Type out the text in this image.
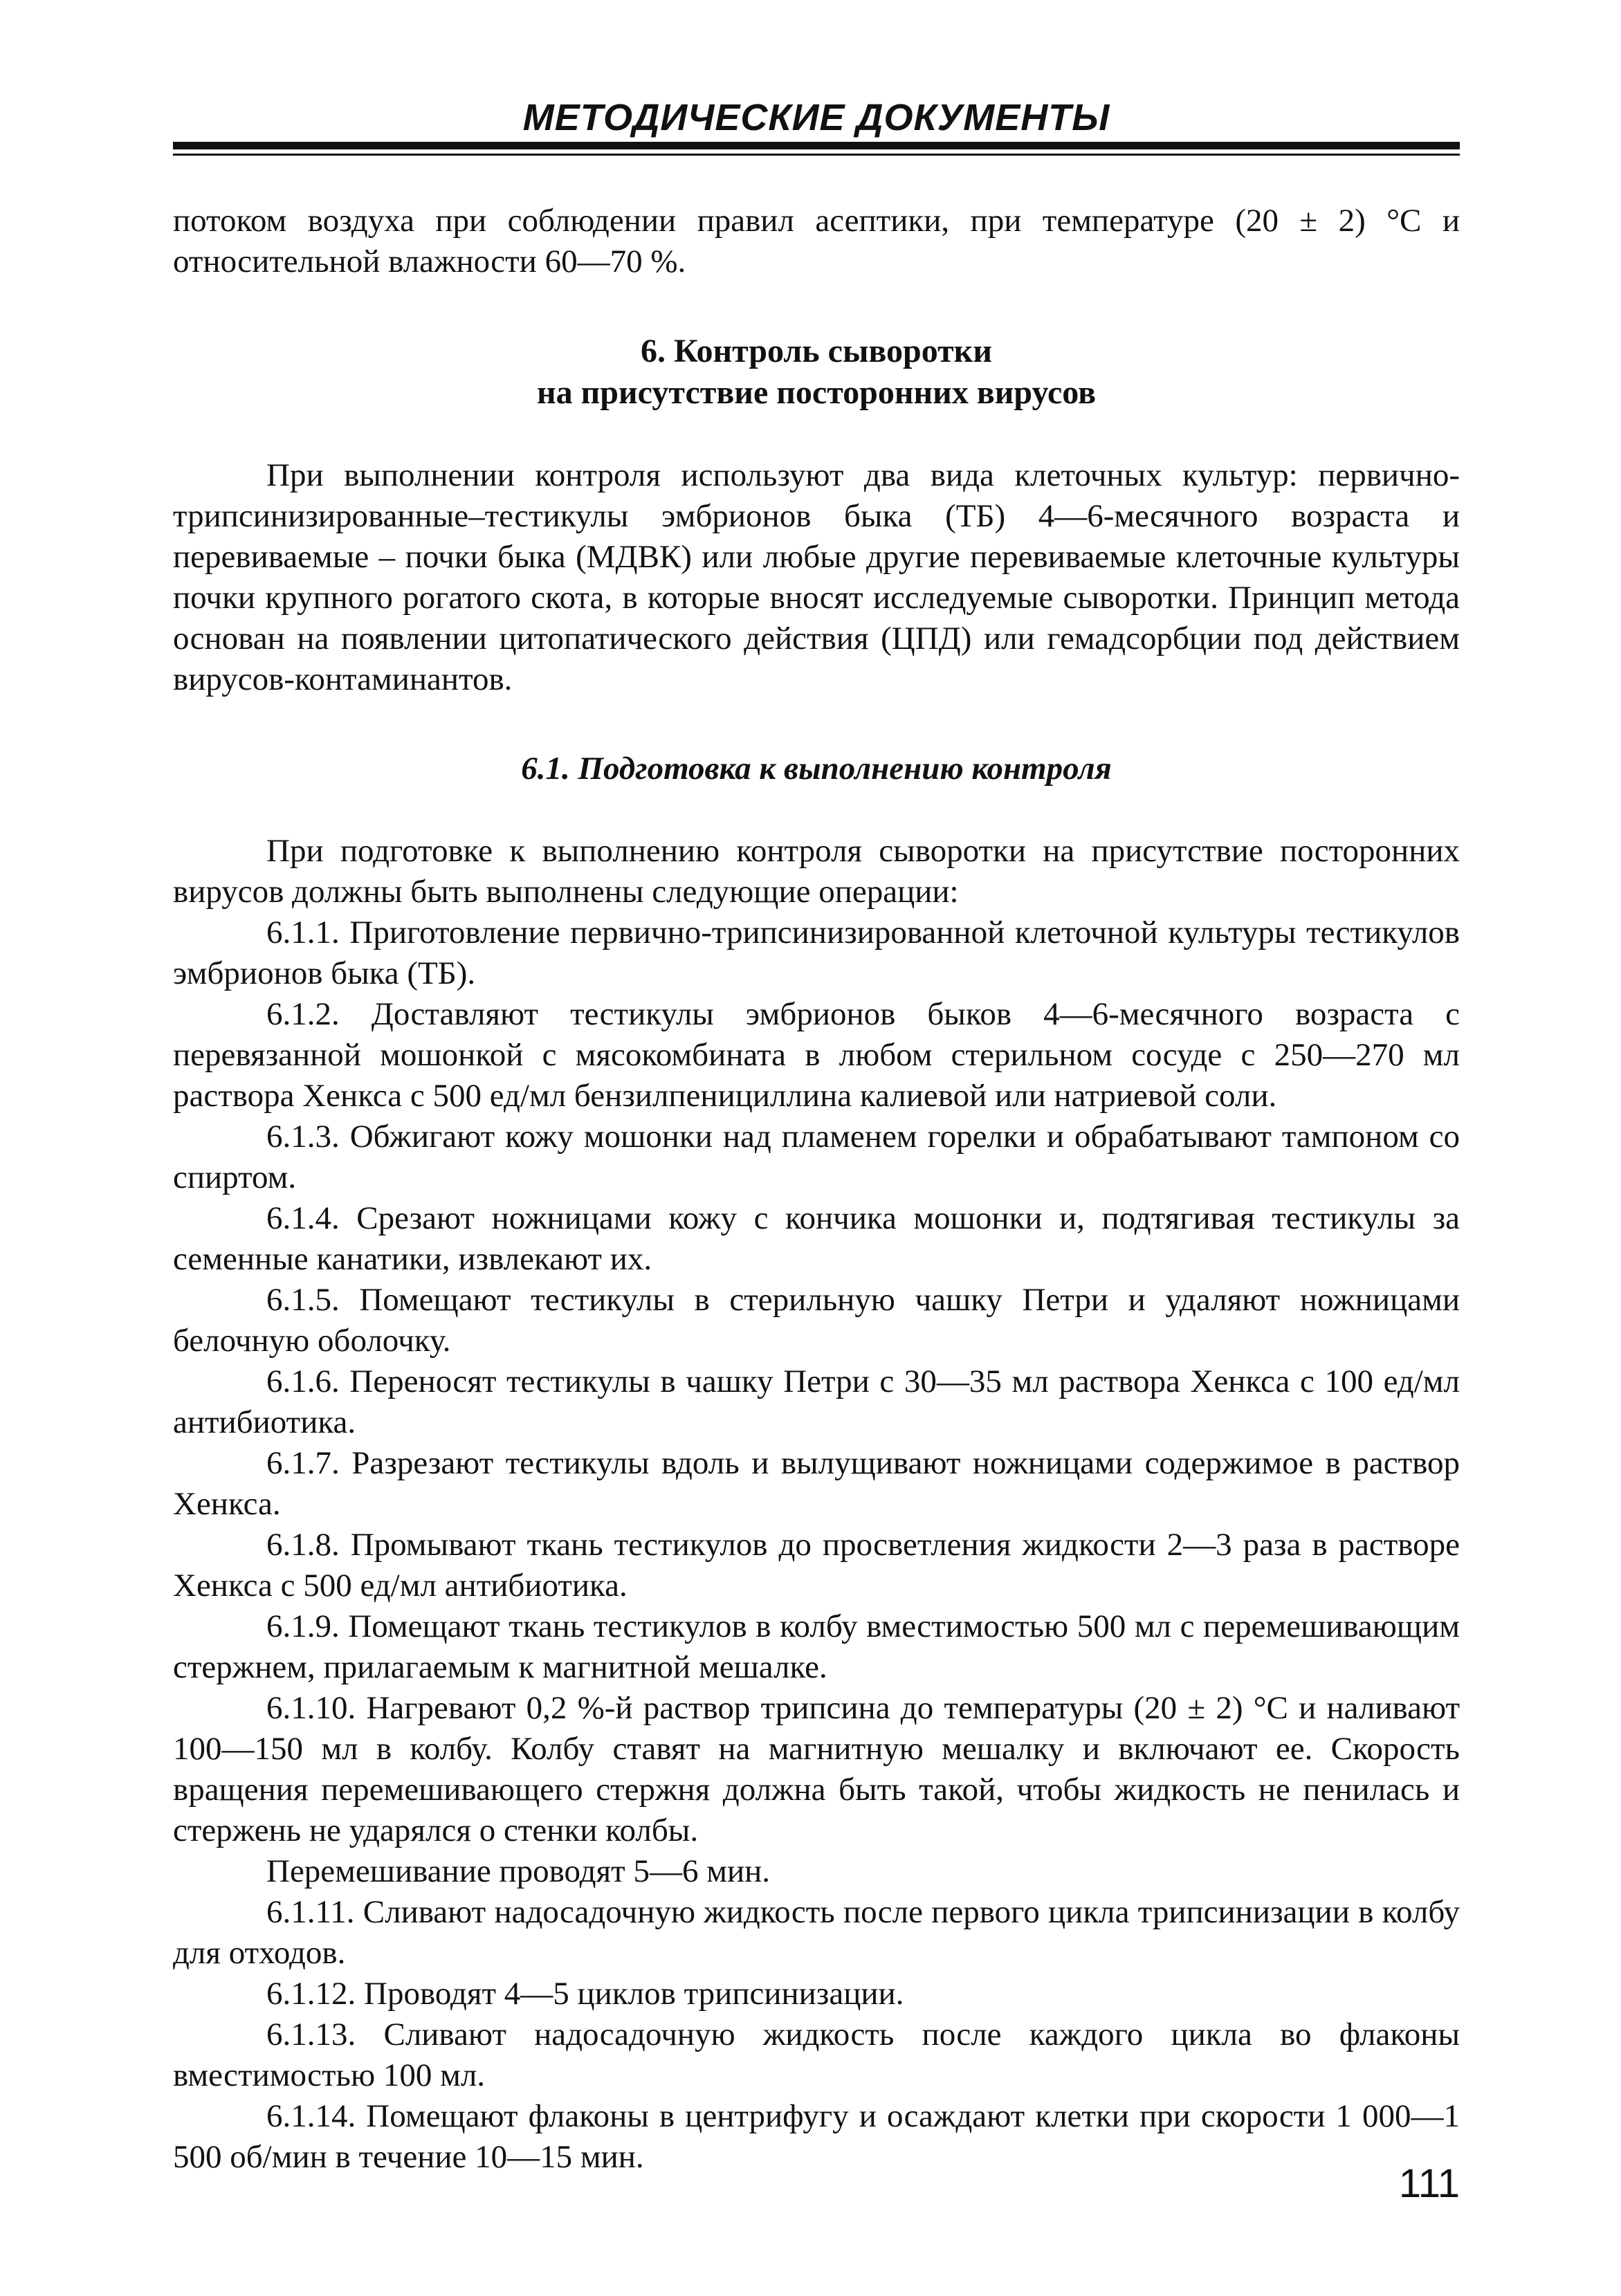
МЕТОДИЧЕСКИЕ ДОКУМЕНТЫ

потоком воздуха при соблюдении правил асептики, при температуре (20 ± 2) °C и относительной влажности 60—70 %.

6. Контроль сыворотки

на присутствие посторонних вирусов

При выполнении контроля используют два вида клеточных культур: первично-трипсинизированные–тестикулы эмбрионов быка (ТБ) 4—6-месячного возраста и перевиваемые – почки быка (МДВК) или любые другие перевиваемые клеточные культуры почки крупного рогатого скота, в которые вносят исследуемые сыворотки. Принцип метода основан на появлении цитопатического действия (ЦПД) или гемадсорбции под действием вирусов-контаминантов.

6.1. Подготовка к выполнению контроля

При подготовке к выполнению контроля сыворотки на присутствие посторонних вирусов должны быть выполнены следующие операции:

6.1.1. Приготовление первично-трипсинизированной клеточной культуры тестикулов эмбрионов быка (ТБ).

6.1.2. Доставляют тестикулы эмбрионов быков 4—6-месячного возраста с перевязанной мошонкой с мясокомбината в любом стерильном сосуде с 250—270 мл раствора Хенкса с 500 ед/мл бензилпенициллина калиевой или натриевой соли.

6.1.3. Обжигают кожу мошонки над пламенем горелки и обрабатывают тампоном со спиртом.

6.1.4. Срезают ножницами кожу с кончика мошонки и, подтягивая тестикулы за семенные канатики, извлекают их.

6.1.5. Помещают тестикулы в стерильную чашку Петри и удаляют ножницами белочную оболочку.

6.1.6. Переносят тестикулы в чашку Петри с 30—35 мл раствора Хенкса с 100 ед/мл антибиотика.

6.1.7. Разрезают тестикулы вдоль и вылущивают ножницами содержимое в раствор Хенкса.

6.1.8. Промывают ткань тестикулов до просветления жидкости 2—3 раза в растворе Хенкса с 500 ед/мл антибиотика.

6.1.9. Помещают ткань тестикулов в колбу вместимостью 500 мл с перемешивающим стержнем, прилагаемым к магнитной мешалке.

6.1.10. Нагревают 0,2 %-й раствор трипсина до температуры (20 ± 2) °C и наливают 100—150 мл в колбу. Колбу ставят на магнитную мешалку и включают ее. Скорость вращения перемешивающего стержня должна быть такой, чтобы жидкость не пенилась и стержень не ударялся о стенки колбы.

Перемешивание проводят 5—6 мин.

6.1.11. Сливают надосадочную жидкость после первого цикла трипсинизации в колбу для отходов.

6.1.12. Проводят 4—5 циклов трипсинизации.

6.1.13. Сливают надосадочную жидкость после каждого цикла во флаконы вместимостью 100 мл.

6.1.14. Помещают флаконы в центрифугу и осаждают клетки при скорости 1 000—1 500 об/мин в течение 10—15 мин.

111
